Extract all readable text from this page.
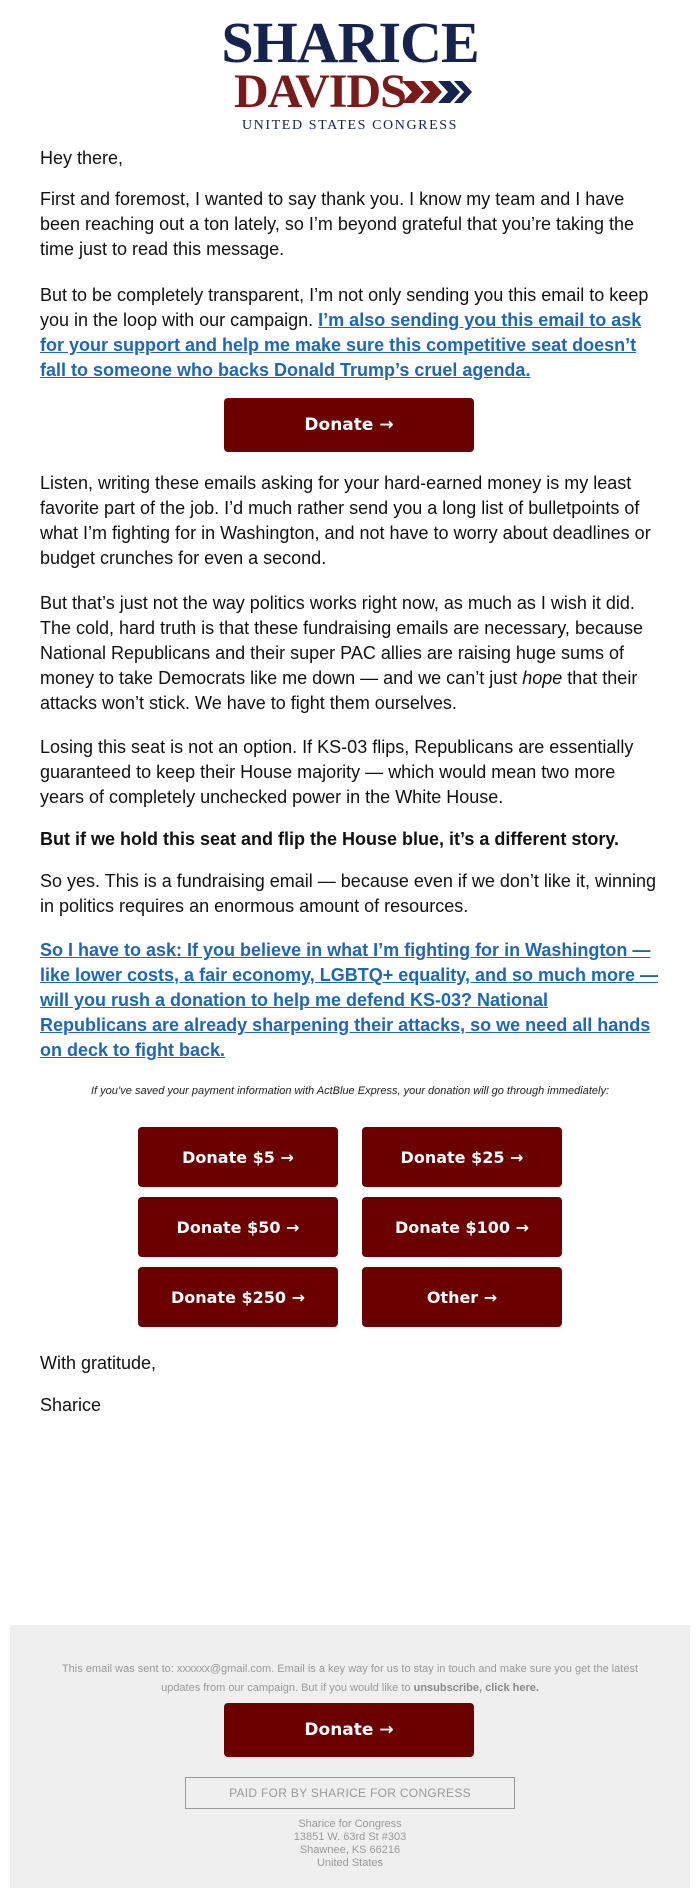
SHARICE
DAVIDS
UNITED STATES CONGRESS

Hey there,

First and foremost, I wanted to say thank you. I know my team and I have been reaching out a ton lately, so I’m beyond grateful that you’re taking the time just to read this message.

But to be completely transparent, I’m not only sending you this email to keep you in the loop with our campaign. I’m also sending you this email to ask for your support and help me make sure this competitive seat doesn’t fall to someone who backs Donald Trump’s cruel agenda.

Donate →

Listen, writing these emails asking for your hard-earned money is my least favorite part of the job. I’d much rather send you a long list of bulletpoints of what I’m fighting for in Washington, and not have to worry about deadlines or budget crunches for even a second.

But that’s just not the way politics works right now, as much as I wish it did. The cold, hard truth is that these fundraising emails are necessary, because National Republicans and their super PAC allies are raising huge sums of money to take Democrats like me down — and we can’t just hope that their attacks won’t stick. We have to fight them ourselves.

Losing this seat is not an option. If KS-03 flips, Republicans are essentially guaranteed to keep their House majority — which would mean two more years of completely unchecked power in the White House.

But if we hold this seat and flip the House blue, it’s a different story.

So yes. This is a fundraising email — because even if we don’t like it, winning in politics requires an enormous amount of resources.

So I have to ask: If you believe in what I’m fighting for in Washington — like lower costs, a fair economy, LGBTQ+ equality, and so much more — will you rush a donation to help me defend KS-03? National Republicans are already sharpening their attacks, so we need all hands on deck to fight back.

If you’ve saved your payment information with ActBlue Express, your donation will go through immediately:
Donate $5 →	Donate $25 →
Donate $50 →	Donate $100 →
Donate $250 →	Other →

With gratitude,

Sharice

This email was sent to: xxxxxx@gmail.com. Email is a key way for us to stay in touch and make sure you get the latest updates from our campaign. But if you would like to unsubscribe, click here.
Donate →
PAID FOR BY SHARICE FOR CONGRESS
Sharice for Congress
13851 W. 63rd St #303
Shawnee, KS 66216
United States
